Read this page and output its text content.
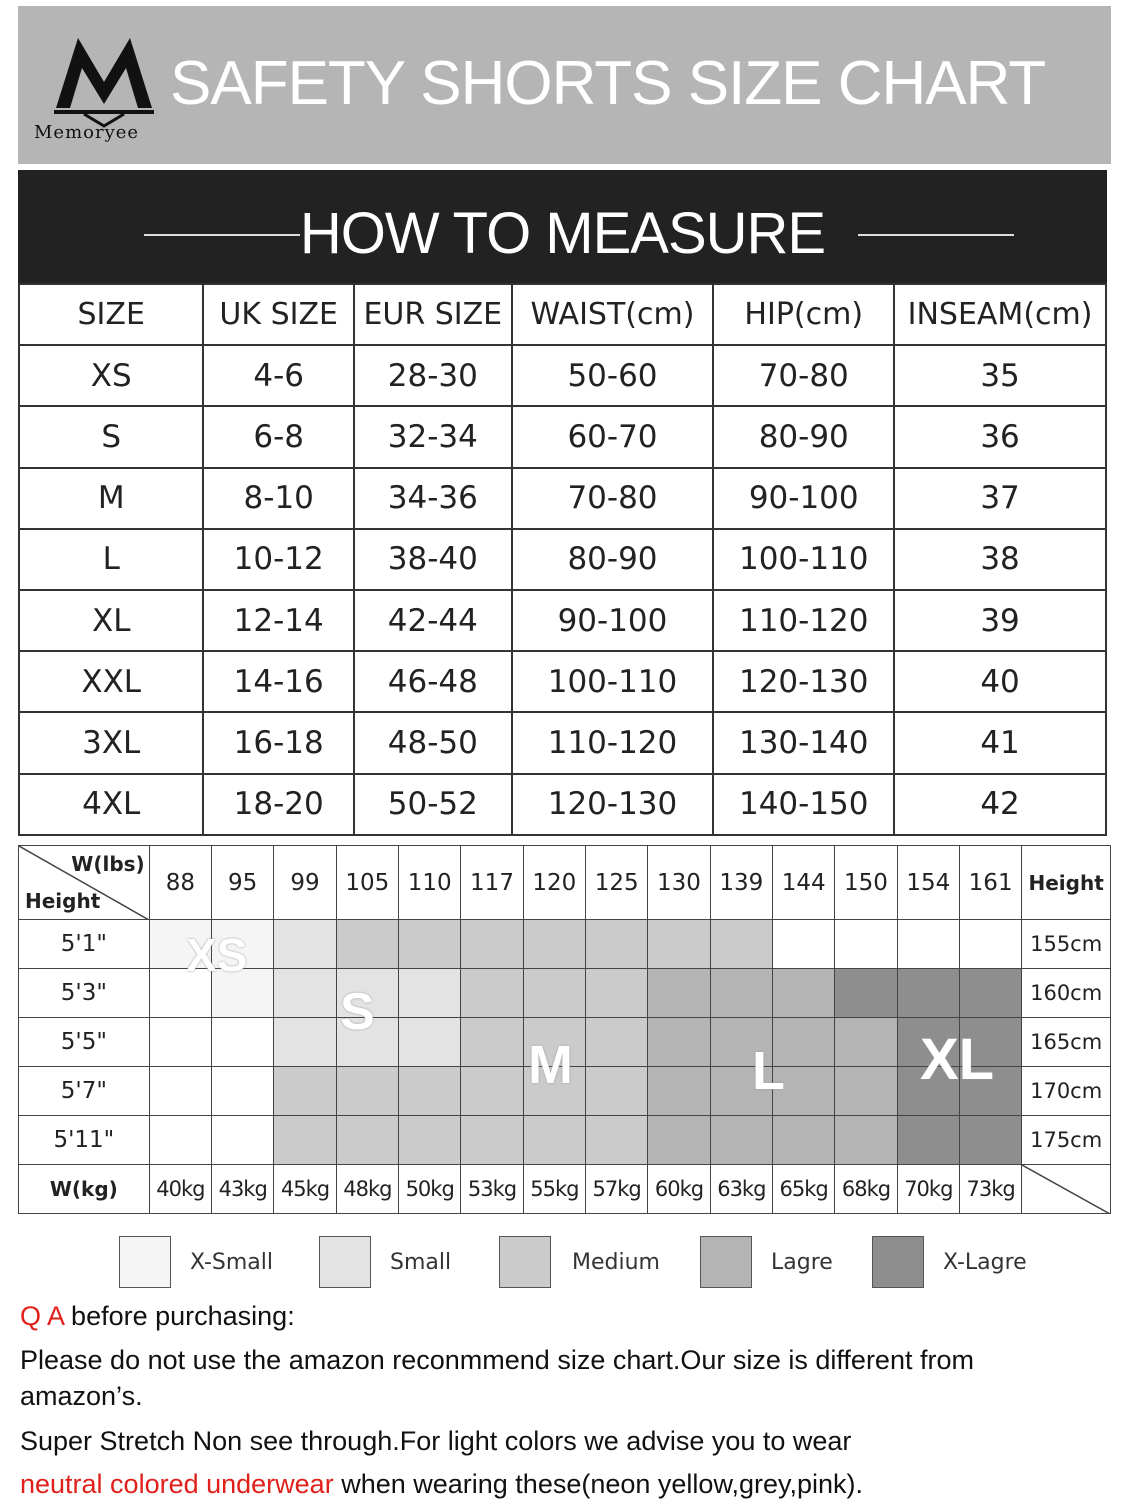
Memoryee
SAFETY SHORTS SIZE CHART
HOW TO MEASURE
SIZE	UK SIZE	EUR SIZE	WAIST(cm)	HIP(cm)	INSEAM(cm)
XS	4-6	28-30	50-60	70-80	35
S	6-8	32-34	60-70	80-90	36
M	8-10	34-36	70-80	90-100	37
L	10-12	38-40	80-90	100-110	38
XL	12-14	42-44	90-100	110-120	39
XXL	14-16	46-48	100-110	120-130	40
3XL	16-18	48-50	110-120	130-140	41
4XL	18-20	50-52	120-130	140-150	42
W(lbs)
Height	88	95	99	105	110	117	120	125	130	139	144	150	154	161	Height
5'1"															155cm
5'3"															160cm
5'5"															165cm
5'7"															170cm
5'11"															175cm
W(kg)	40kg	43kg	45kg	48kg	50kg	53kg	55kg	57kg	60kg	63kg	65kg	68kg	70kg	73kg	
XS
S
M	L XL
X-Small	Small	Medium	Lagre	X-Lagre
Q A before purchasing:
Please do not use the amazon reconmmend size chart.Our size is different from
amazon’s.
Super Stretch Non see through.For light colors we advise you to wear
neutral colored underwear when wearing these(neon yellow,grey,pink).
